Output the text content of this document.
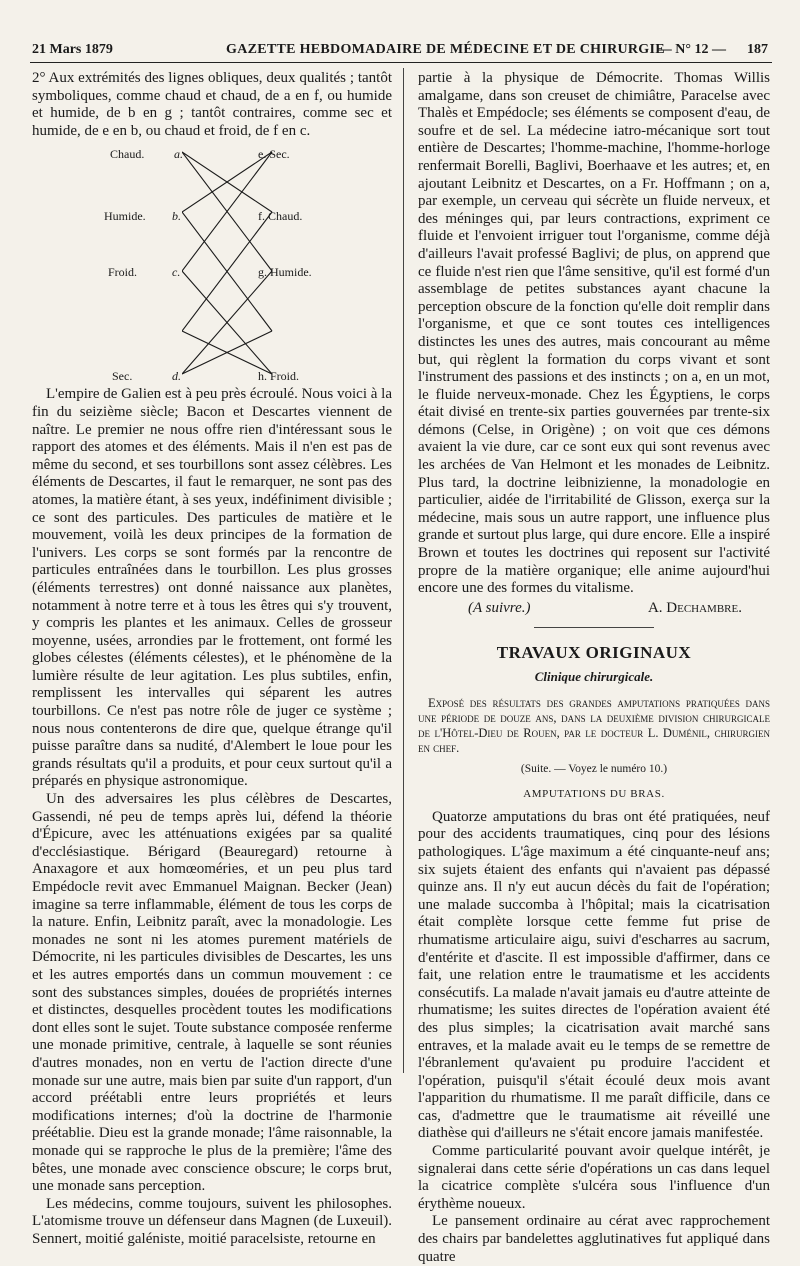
21 Mars 1879	GAZETTE HEBDOMADAIRE DE MÉDECINE ET DE CHIRURGIE
— N° 12 — 187

2° Aux extrémités des lignes obliques, deux qualités ; tantôt symboliques, comme chaud et chaud, de a en f, ou humide et humide, de b en g ; tantôt contraires, comme sec et humide, de e en b, ou chaud et froid, de f en c.

Chaud. a.	e. Sec.
Humide. b.	f. Chaud.
Froid.	c.	g. Humide.
Sec.	d.	h. Froid.

L'empire de Galien est à peu près écroulé. Nous voici à la fin du seizième siècle; Bacon et Descartes viennent de naître. Le premier ne nous offre rien d'intéressant sous le rapport des atomes et des éléments. Mais il n'en est pas de même du second, et ses tourbillons sont assez célèbres. Les éléments de Descartes, il faut le remarquer, ne sont pas des atomes, la matière étant, à ses yeux, indéfiniment divisible ; ce sont des particules. Des particules de matière et le mouvement, voilà les deux principes de la formation de l'univers. Les corps se sont formés par la rencontre de particules entraînées dans le tourbillon. Les plus grosses (éléments terrestres) ont donné naissance aux planètes, notamment à notre terre et à tous les êtres qui s'y trouvent, y compris les plantes et les animaux. Celles de grosseur moyenne, usées, arrondies par le frottement, ont formé les globes célestes (éléments célestes), et le phénomène de la lumière résulte de leur agitation. Les plus subtiles, enfin, remplissent les intervalles qui séparent les autres tourbillons. Ce n'est pas notre rôle de juger ce système ; nous nous contenterons de dire que, quelque étrange qu'il puisse paraître dans sa nudité, d'Alembert le loue pour les grands résultats qu'il a produits, et pour ceux surtout qu'il a préparés en physique astronomique.

Un des adversaires les plus célèbres de Descartes, Gassendi, né peu de temps après lui, défend la théorie d'Épicure, avec les atténuations exigées par sa qualité d'ecclésiastique. Bérigard (Beauregard) retourne à Anaxagore et aux homœoméries, et un peu plus tard Empédocle revit avec Emmanuel Maignan. Becker (Jean) imagine sa terre inflammable, élément de tous les corps de la nature. Enfin, Leibnitz paraît, avec la monadologie. Les monades ne sont ni les atomes purement matériels de Démocrite, ni les particules divisibles de Descartes, les uns et les autres emportés dans un commun mouvement : ce sont des substances simples, douées de propriétés internes et distinctes, desquelles procèdent toutes les modifications dont elles sont le sujet. Toute substance composée renferme une monade primitive, centrale, à laquelle se sont réunies d'autres monades, non en vertu de l'action directe d'une monade sur une autre, mais bien par suite d'un rapport, d'un accord préétabli entre leurs propriétés et leurs modifications internes; d'où la doctrine de l'harmonie préétablie. Dieu est la grande monade; l'âme raisonnable, la monade qui se rapproche le plus de la première; l'âme des bêtes, une monade avec conscience obscure; le corps brut, une monade sans perception.

Les médecins, comme toujours, suivent les philosophes. L'atomisme trouve un défenseur dans Magnen (de Luxeuil). Sennert, moitié galéniste, moitié paracelsiste, retourne en

partie à la physique de Démocrite. Thomas Willis amalgame, dans son creuset de chimiâtre, Paracelse avec Thalès et Empédocle; ses éléments se composent d'eau, de soufre et de sel. La médecine iatro-mécanique sort tout entière de Descartes; l'homme-machine, l'homme-horloge renfermait Borelli, Baglivi, Boerhaave et les autres; et, en ajoutant Leibnitz et Descartes, on a Fr. Hoffmann ; on a, par exemple, un cerveau qui sécrète un fluide nerveux, et des méninges qui, par leurs contractions, expriment ce fluide et l'envoient irriguer tout l'organisme, comme déjà d'ailleurs l'avait professé Baglivi; de plus, on apprend que ce fluide n'est rien que l'âme sensitive, qu'il est formé d'un assemblage de petites substances ayant chacune la perception obscure de la fonction qu'elle doit remplir dans l'organisme, et que ce sont toutes ces intelligences distinctes les unes des autres, mais concourant au même but, qui règlent la formation du corps vivant et sont l'instrument des passions et des instincts ; on a, en un mot, le fluide nerveux-monade. Chez les Égyptiens, le corps était divisé en trente-six parties gouvernées par trente-six démons (Celse, in Origène) ; on voit que ces démons avaient la vie dure, car ce sont eux qui sont revenus avec les archées de Van Helmont et les monades de Leibnitz. Plus tard, la doctrine leibnizienne, la monadologie en particulier, aidée de l'irritabilité de Glisson, exerça sur la médecine, mais sous un autre rapport, une influence plus grande et surtout plus large, qui dure encore. Elle a inspiré Brown et toutes les doctrines qui reposent sur l'activité propre de la matière organique; elle anime aujourd'hui encore une des formes du vitalisme.

(A suivre.)	A. Dechambre.
TRAVAUX ORIGINAUX
Clinique chirurgicale.
Exposé des résultats des grandes amputations pratiquées dans une période de douze ans, dans la deuxième division chirurgicale de l'Hôtel-Dieu de Rouen, par le docteur L. Duménil, chirurgien en chef.
(Suite. — Voyez le numéro 10.)
AMPUTATIONS DU BRAS.

Quatorze amputations du bras ont été pratiquées, neuf pour des accidents traumatiques, cinq pour des lésions pathologiques. L'âge maximum a été cinquante-neuf ans; six sujets étaient des enfants qui n'avaient pas dépassé quinze ans. Il n'y eut aucun décès du fait de l'opération; une malade succomba à l'hôpital; mais la cicatrisation était complète lorsque cette femme fut prise de rhumatisme articulaire aigu, suivi d'escharres au sacrum, d'entérite et d'ascite. Il est impossible d'affirmer, dans ce fait, une relation entre le traumatisme et les accidents consécutifs. La malade n'avait jamais eu d'autre atteinte de rhumatisme; les suites directes de l'opération avaient été des plus simples; la cicatrisation avait marché sans entraves, et la malade avait eu le temps de se remettre de l'ébranlement qu'avaient pu produire l'accident et l'opération, puisqu'il s'était écoulé deux mois avant l'apparition du rhumatisme. Il me paraît difficile, dans ce cas, d'admettre que le traumatisme ait réveillé une diathèse qui d'ailleurs ne s'était encore jamais manifestée.

Comme particularité pouvant avoir quelque intérêt, je signalerai dans cette série d'opérations un cas dans lequel la cicatrice complète s'ulcéra sous l'influence d'un érythème noueux.

Le pansement ordinaire au cérat avec rapprochement des chairs par bandelettes agglutinatives fut appliqué dans quatre
